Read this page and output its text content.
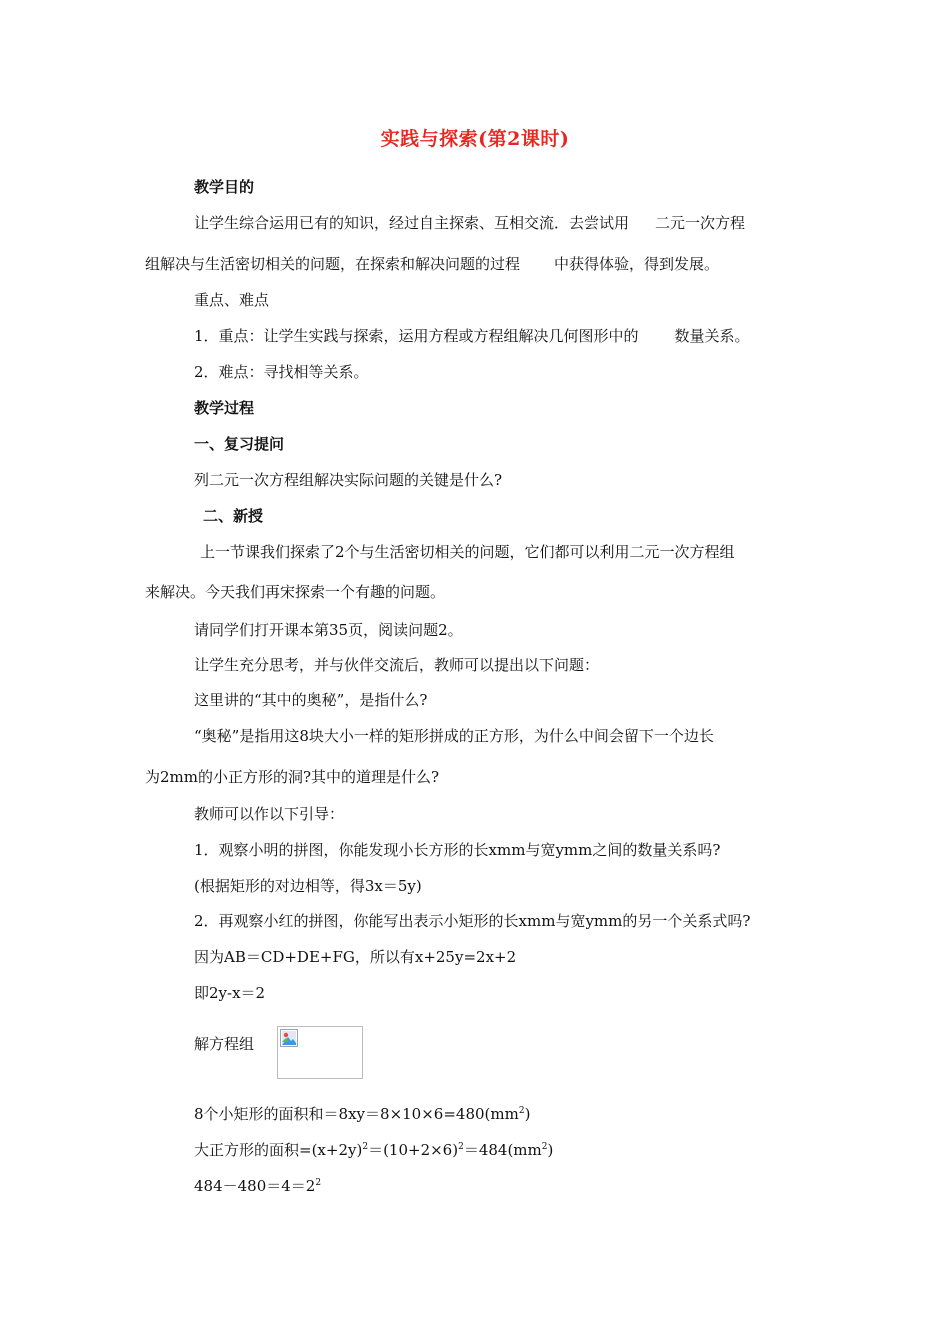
实践与探索(第2课时)
教学目的
让学生综合运用已有的知识，经过自主探索、互相交流．去尝试用 二元一次方程
组解决与生活密切相关的问题，在探索和解决问题的过程 中获得体验，得到发展。
重点、难点
1．重点：让学生实践与探索，运用方程或方程组解决几何图形中的 数量关系。
2．难点：寻找相等关系。
教学过程
一、复习提问
列二元一次方程组解决实际问题的关键是什么?
二、新授
上一节课我们探索了2个与生活密切相关的问题，它们都可以利用二元一次方程组
来解决。今天我们再宋探索一个有趣的问题。
请同学们打开课本第35页，阅读问题2。
让学生充分思考，并与伙伴交流后，教师可以提出以下问题：
这里讲的“其中的奥秘”，是指什么?
“奥秘”是指用这8块大小一样的矩形拼成的正方形，为什么中间会留下一个边长
为2mm的小正方形的洞?其中的道理是什么?
教师可以作以下引导：
1．观察小明的拼图，你能发现小长方形的长xmm与宽ymm之间的数量关系吗?
(根据矩形的对边相等，得3x＝5y)
2．再观察小红的拼图，你能写出表示小矩形的长xmm与宽ymm的另一个关系式吗?
因为AB＝CD+DE+FG，所以有x+25y=2x+2
即2y-x＝2
解方程组
8个小矩形的面积和$=8xy=8\times 10\times 6=480(mm^2)$
大正方形的面积$=(x+2y)^2=(10+2\times 6)^2=484(mm^2)$
$484-480=4=2^2$
